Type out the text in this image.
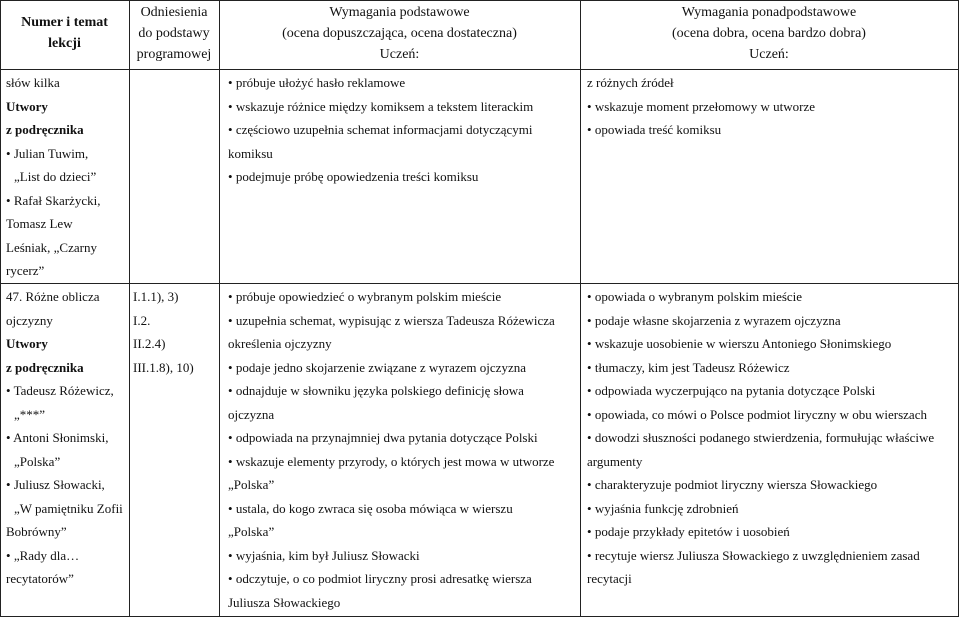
Numer i temat
lekcji
Odniesienia
do podstawy
programowej
Wymagania podstawowe
(ocena dopuszczająca, ocena dostateczna)
Uczeń:
Wymagania ponadpodstawowe
(ocena dobra, ocena bardzo dobra)
Uczeń:
słów kilka
Utwory
z podręcznika
• Julian Tuwim,
„List do dzieci”
• Rafał Skarżycki,
Tomasz Lew
Leśniak, „Czarny
rycerz”
• próbuje ułożyć hasło reklamowe
• wskazuje różnice między komiksem a tekstem literackim
• częściowo uzupełnia schemat informacjami dotyczącymi
komiksu
• podejmuje próbę opowiedzenia treści komiksu
z różnych źródeł
• wskazuje moment przełomowy w utworze
• opowiada treść komiksu
47. Różne oblicza
ojczyzny
Utwory
z podręcznika
• Tadeusz Różewicz,
„***”
• Antoni Słonimski,
„Polska”
• Juliusz Słowacki,
„W pamiętniku Zofii
Bobrówny”
• „Rady dla…
recytatorów”
I.1.1), 3)
I.2.
II.2.4)
III.1.8), 10)
• próbuje opowiedzieć o wybranym polskim mieście
• uzupełnia schemat, wypisując z wiersza Tadeusza Różewicza
określenia ojczyzny
• podaje jedno skojarzenie związane z wyrazem ojczyzna
• odnajduje w słowniku języka polskiego definicję słowa
ojczyzna
• odpowiada na przynajmniej dwa pytania dotyczące Polski
• wskazuje elementy przyrody, o których jest mowa w utworze
„Polska”
• ustala, do kogo zwraca się osoba mówiąca w wierszu
„Polska”
• wyjaśnia, kim był Juliusz Słowacki
• odczytuje, o co podmiot liryczny prosi adresatkę wiersza
Juliusza Słowackiego
• opowiada o wybranym polskim mieście
• podaje własne skojarzenia z wyrazem ojczyzna
• wskazuje uosobienie w wierszu Antoniego Słonimskiego
• tłumaczy, kim jest Tadeusz Różewicz
• odpowiada wyczerpująco na pytania dotyczące Polski
• opowiada, co mówi o Polsce podmiot liryczny w obu wierszach
• dowodzi słuszności podanego stwierdzenia, formułując właściwe
argumenty
• charakteryzuje podmiot liryczny wiersza Słowackiego
• wyjaśnia funkcję zdrobnień
• podaje przykłady epitetów i uosobień
• recytuje wiersz Juliusza Słowackiego z uwzględnieniem zasad
recytacji
